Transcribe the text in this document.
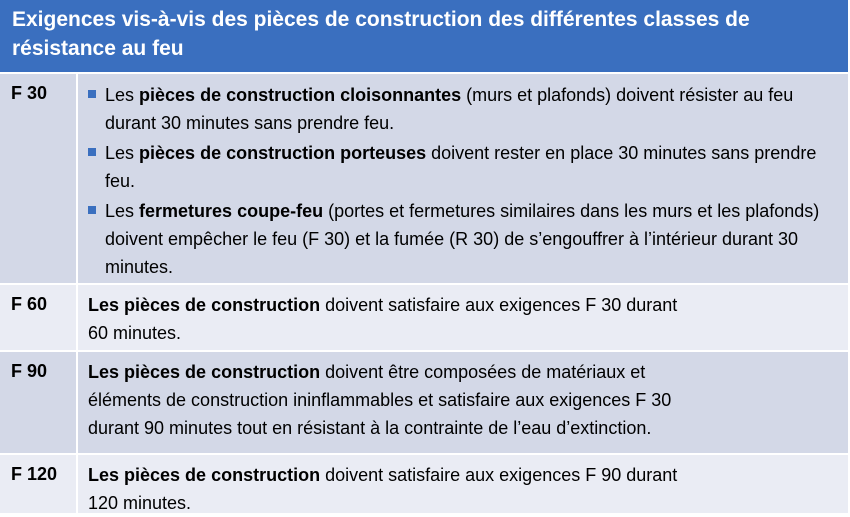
Exigences vis-à-vis des pièces de construction des différentes classes de résistance au feu
F 30	Les pièces de construction cloisonnantes (murs et plafonds) doivent résister au feu durant 30 minutes sans prendre feu.
Les pièces de construction porteuses doivent rester en place 30 minutes sans prendre feu.
Les fermetures coupe-feu (portes et fermetures similaires dans les murs et les plafonds) doivent empêcher le feu (F 30) et la fumée (R 30) de s’engouffrer à l’intérieur durant 30 minutes.
F 60	Les pièces de construction doivent satisfaire aux exigences F 30 durant
60 minutes.
F 90	Les pièces de construction doivent être composées de matériaux et
éléments de construction ininflammables et satisfaire aux exigences F 30
durant 90 minutes tout en résistant à la contrainte de l’eau d’extinction.
F 120	Les pièces de construction doivent satisfaire aux exigences F 90 durant
120 minutes.
